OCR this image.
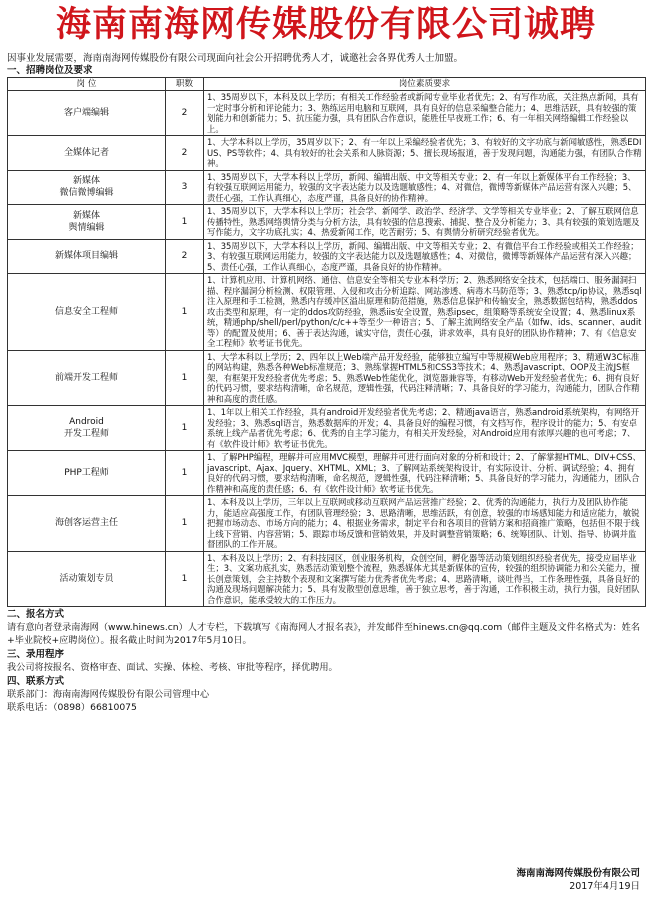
海南南海网传媒股份有限公司诚聘
因事业发展需要，海南南海网传媒股份有限公司现面向社会公开招聘优秀人才，诚邀社会各界优秀人士加盟。
一、招聘岗位及要求
岗 位	职数	岗位素质要求
客户端编辑	2	1、35周岁以下，本科及以上学历；有相关工作经验者或新闻专业毕业者优先；2、有写作功底，关注热点新闻，具有一定时事分析和评论能力；3、熟练运用电脑和互联网，具有良好的信息采编整合能力；4、思维活跃，具有较强的策划能力和创新能力；5、抗压能力强，具有团队合作意识，能胜任早夜班工作；6、有一年相关网络编辑工作经验以上。
全媒体记者	2	1、大学本科以上学历，35周岁以下；2、有一年以上采编经验者优先；3、有较好的文字功底与新闻敏感性，熟悉EDIUS、PS等软件；4、具有较好的社会关系和人脉资源；5、擅长现场报道，善于发现问题，沟通能力强，有团队合作精神。
新媒体
微信微博编辑	3	1、35周岁以下，大学本科以上学历，新闻、编辑出版、中文等相关专业；2、有一年以上新媒体平台工作经验；3、有较强互联网运用能力，较强的文字表达能力以及选题敏感性；4、对微信，微博等新媒体产品运营有深入兴趣；5、责任心强，工作认真细心，态度严谨，具备良好的协作精神。
新媒体
舆情编辑	1	1、35周岁以下，大学本科以上学历；社会学、新闻学、政治学、经济学、文学等相关专业毕业；2、了解互联网信息传播特性，熟悉网络舆情分类与分析方法，具有较强的信息搜索、捕捉、整合及分析能力；3、具有较强的策划选题及写作能力，文字功底扎实；4、热爱新闻工作，吃苦耐劳；5、有舆情分析研究经验者优先。
新媒体项目编辑	2	1、35周岁以下，大学本科以上学历，新闻、编辑出版、中文等相关专业；2、有微信平台工作经验或相关工作经验；3、有较强互联网运用能力，较强的文字表达能力以及选题敏感性；4、对微信，微博等新媒体产品运营有深入兴趣；5、责任心强，工作认真细心，态度严谨，具备良好的协作精神。
信息安全工程师	1	1、计算机应用、计算机网络、通信、信息安全等相关专业本科学历；2、熟悉网络安全技术，包括端口、服务漏洞扫描、程序漏洞分析检测、权限管理、入侵和攻击分析追踪、网站渗透、病毒木马防范等；3、熟悉tcp/ip协议，熟悉sql注入原理和手工检测，熟悉内存缓冲区溢出原理和防范措施，熟悉信息保护和传输安全，熟悉数据包结构，熟悉ddos攻击类型和原理，有一定的ddos攻防经验，熟悉iis安全设置，熟悉ipsec，组策略等系统安全设置；4、熟悉linux系统，精通php/shell/perl/python/c/c++等至少一种语言；5、了解主流网络安全产品（如fw、ids、scanner、audit等）的配置及使用；6、善于表达沟通，诚实守信，责任心强，讲求效率，具有良好的团队协作精神；7、有《信息安全工程师》软考证书优先。
前端开发工程师	1	1、大学本科以上学历；2、四年以上Web端产品开发经验，能够独立编写中等规模Web应用程序；3、精通W3C标准的网站构建，熟悉各种Web标准规范；3、熟练掌握HTML5和CSS3等技术；4、熟悉Javascript、OOP及主流JS框架，有框架开发经验者优先考虑；5、熟悉Web性能优化，浏览器兼容等，有移动Web开发经验者优先；6、拥有良好的代码习惯，要求结构清晰，命名规范，逻辑性强，代码注释清晰；7、具备良好的学习能力，沟通能力，团队合作精神和高度的责任感。
Android
开发工程师	1	1、1年以上相关工作经验，具有android开发经验者优先考虑；2、精通java语言，熟悉android系统架构，有网络开发经验；3、熟悉sql语言，熟悉数据库的开发；4、具备良好的编程习惯，有文档写作，程序设计的能力；5、有安卓系统上线产品者优先考虑；6、优秀的自主学习能力，有相关开发经验，对Android应用有浓厚兴趣的也可考虑；7、有《软件设计师》软考证书优先。
PHP工程师	1	1、了解PHP编程，理解并可应用MVC模型，理解并可进行面向对象的分析和设计；2、了解掌握HTML、DIV+CSS、javascript、Ajax、Jquery、XHTML、XML；3、了解网站系统架构设计，有实际设计、分析、调试经验；4、拥有良好的代码习惯，要求结构清晰，命名规范，逻辑性强，代码注释清晰；5、具备良好的学习能力，沟通能力，团队合作精神和高度的责任感；6、有《软件设计师》软考证书优先。
海创客运营主任	1	1、本科及以上学历，三年以上互联网或移动互联网产品运营推广经验；2、优秀的沟通能力，执行力及团队协作能力，能适应高强度工作，有团队管理经验；3、思路清晰，思维活跃，有创意，较强的市场感知能力和适应能力，敏锐把握市场动态、市场方向的能力；4、根据业务需求，制定平台和各项目的营销方案和招商推广策略，包括但不限于线上线下营销、内容营销；5、跟踪市场反馈和营销效果，并及时调整营销策略；6、统筹团队、计划、指导、协调并监督团队的工作开展。
活动策划专员	1	1、本科及以上学历；2、有科技园区，创业服务机构，众创空间，孵化器等活动策划组织经验者优先，接受应届毕业生；3、文案功底扎实，熟悉活动策划整个流程，熟悉媒体尤其是新媒体的宣传，较强的组织协调能力和公关能力，擅长创意策划，会主持数个表现和文案撰写能力优秀者优先考虑；4、思路清晰，谈吐得当，工作条理性强，具备良好的沟通及现场问题解决能力；5、具有发散型创意思维，善于独立思考，善于沟通，工作积极主动，执行力强，良好团队合作意识，能承受较大的工作压力。
二、报名方式
请有意向者登录南海网（www.hinews.cn）人才专栏，下载填写《南海网人才报名表》，并发邮件至hinews.cn@qq.com（邮件主题及文件名格式为：姓名+毕业院校+应聘岗位）。报名截止时间为2017年5月10日。
三、录用程序
我公司将按报名、资格审查、面试、实操、体检、考核、审批等程序，择优聘用。
四、联系方式
联系部门：海南南海网传媒股份有限公司管理中心
联系电话：（0898）66810075
海南南海网传媒股份有限公司
2017年4月19日
